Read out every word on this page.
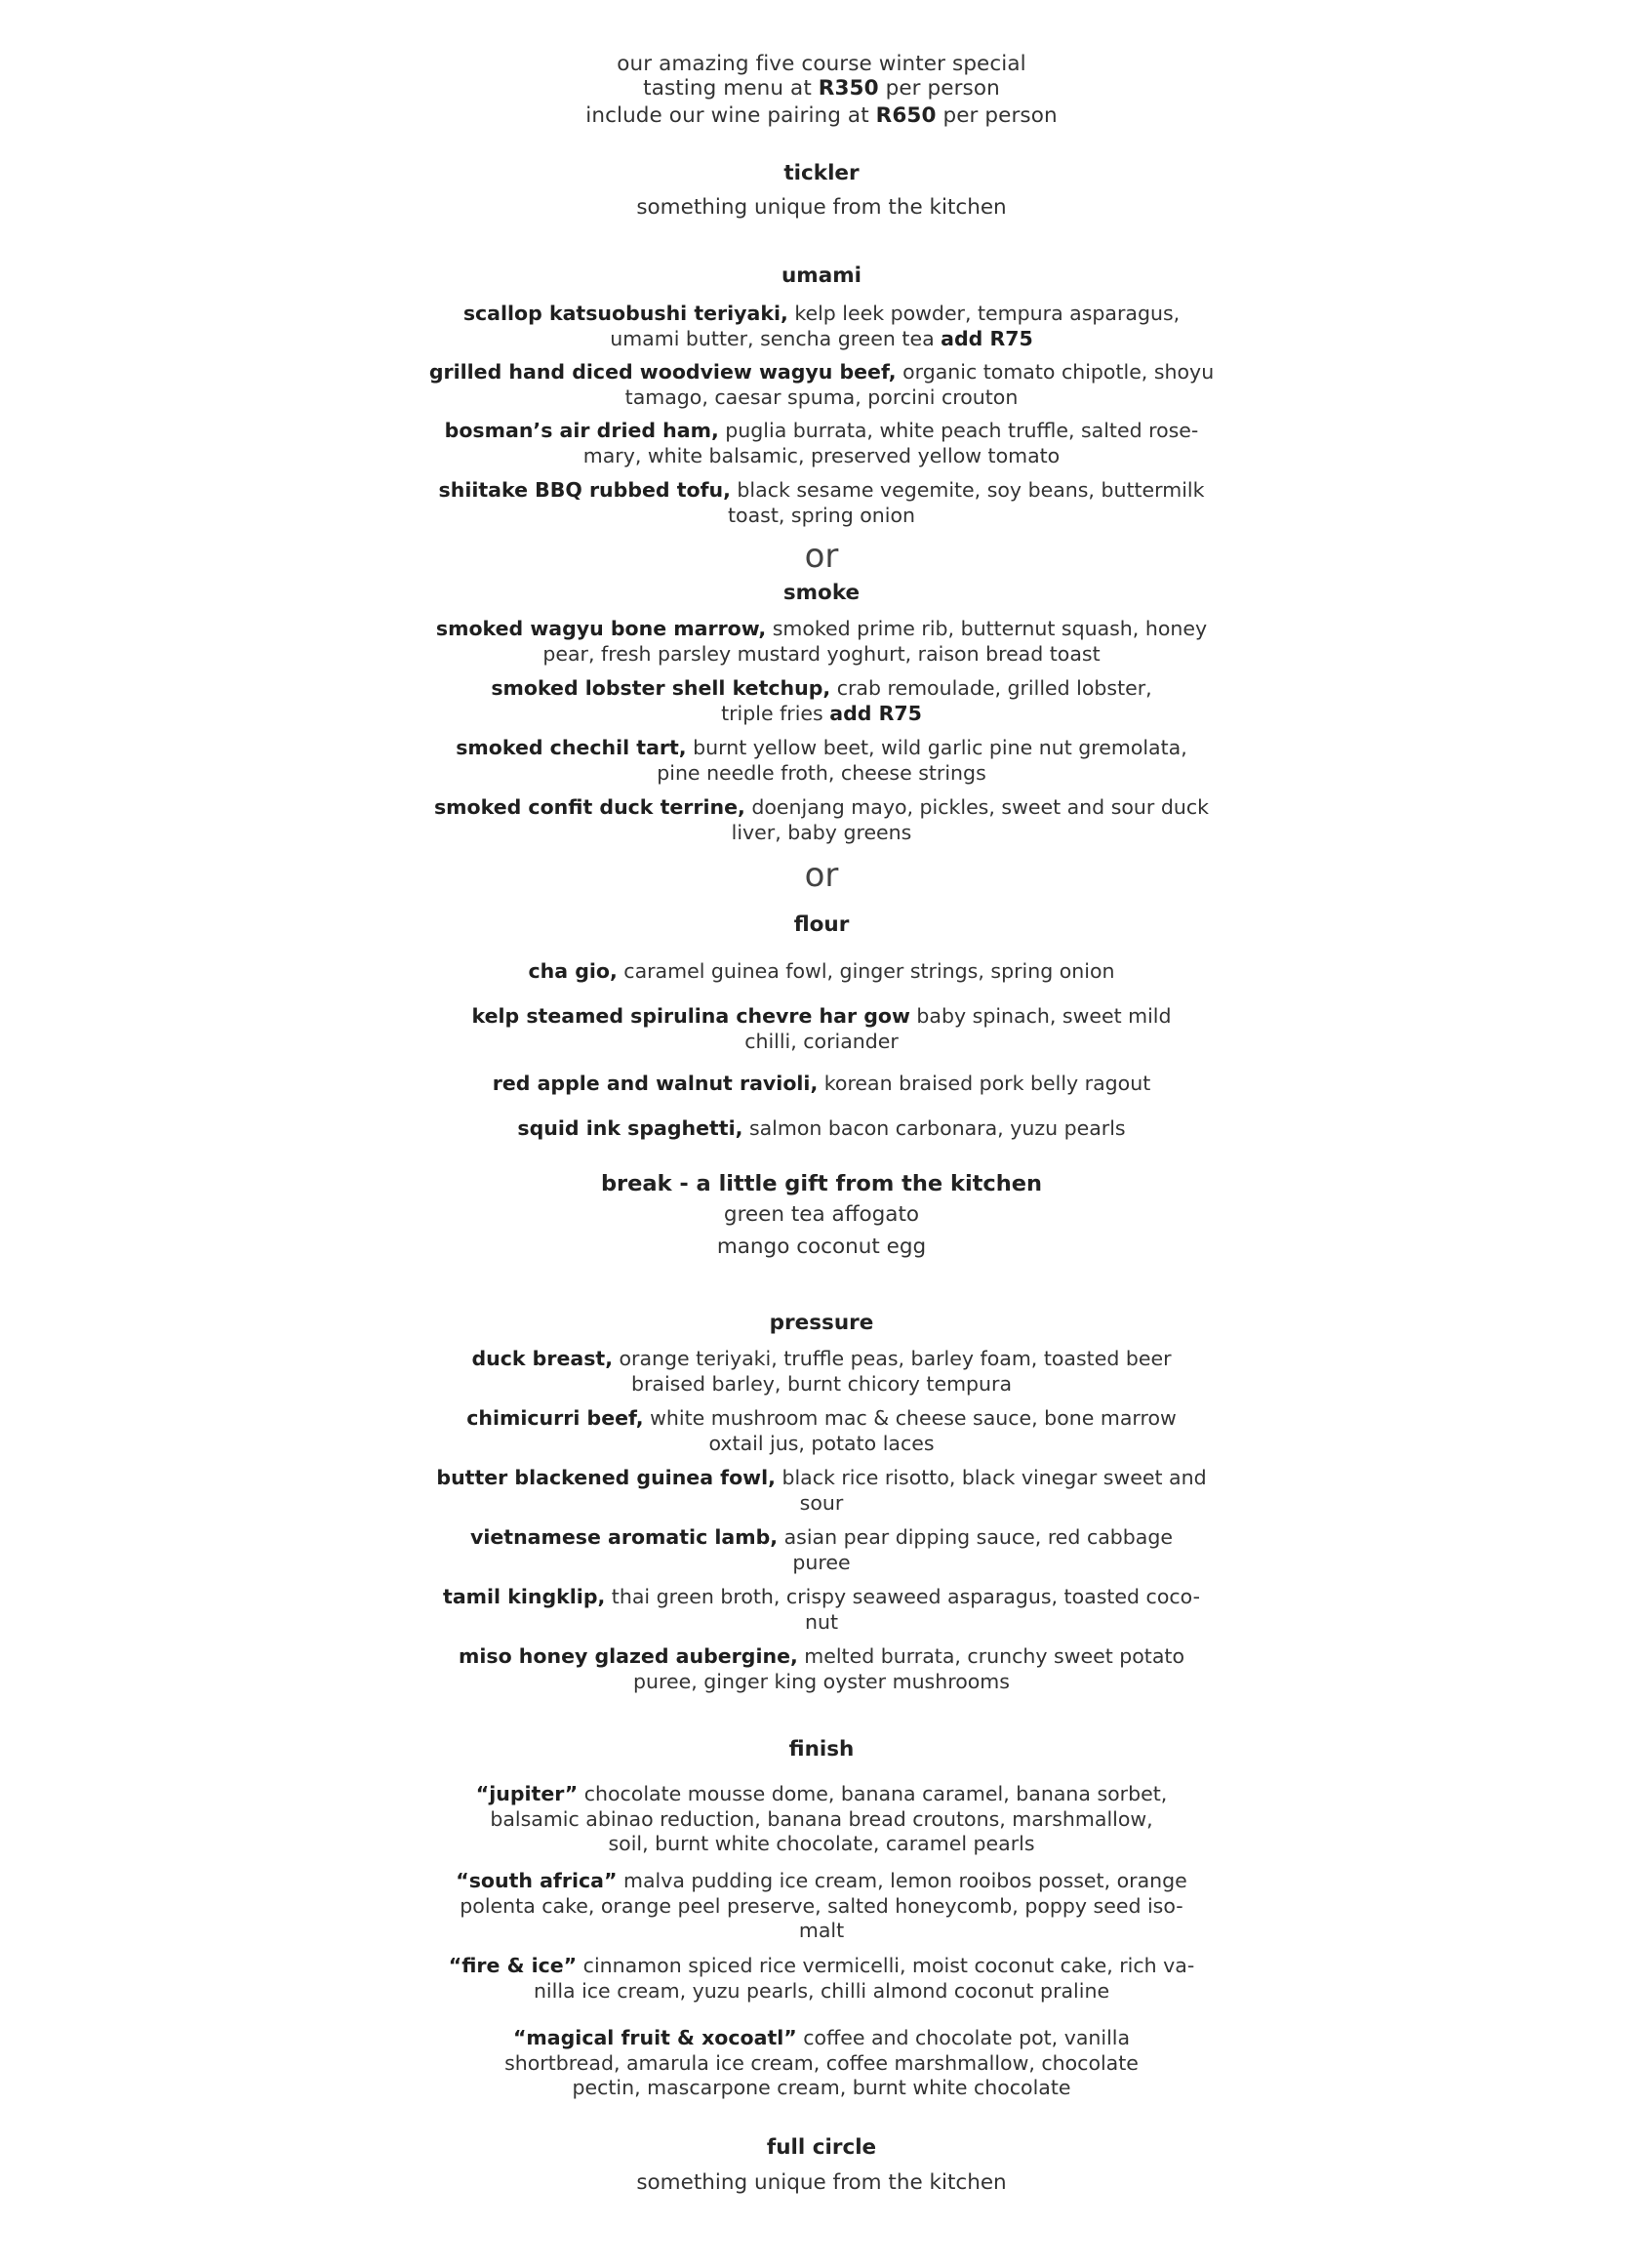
our amazing five course winter special

tasting menu at R350 per person

include our wine pairing at R650 per person

tickler

something unique from the kitchen

umami

scallop katsuobushi teriyaki, kelp leek powder, tempura asparagus,

umami butter, sencha green tea add R75

grilled hand diced woodview wagyu beef, organic tomato chipotle, shoyu

tamago, caesar spuma, porcini crouton

bosman’s air dried ham, puglia burrata, white peach truffle, salted rose-

mary, white balsamic, preserved yellow tomato

shiitake BBQ rubbed tofu, black sesame vegemite, soy beans, buttermilk

toast, spring onion

or

smoke

smoked wagyu bone marrow, smoked prime rib, butternut squash, honey

pear, fresh parsley mustard yoghurt, raison bread toast

smoked lobster shell ketchup, crab remoulade, grilled lobster,

triple fries add R75

smoked chechil tart, burnt yellow beet, wild garlic pine nut gremolata,

pine needle froth, cheese strings

smoked confit duck terrine, doenjang mayo, pickles, sweet and sour duck

liver, baby greens

or

flour

cha gio, caramel guinea fowl, ginger strings, spring onion

kelp steamed spirulina chevre har gow baby spinach, sweet mild

chilli, coriander

red apple and walnut ravioli, korean braised pork belly ragout

squid ink spaghetti, salmon bacon carbonara, yuzu pearls

break - a little gift from the kitchen

green tea affogato

mango coconut egg

pressure

duck breast, orange teriyaki, truffle peas, barley foam, toasted beer

braised barley, burnt chicory tempura

chimicurri beef, white mushroom mac & cheese sauce, bone marrow

oxtail jus, potato laces

butter blackened guinea fowl, black rice risotto, black vinegar sweet and

sour

vietnamese aromatic lamb, asian pear dipping sauce, red cabbage

puree

tamil kingklip, thai green broth, crispy seaweed asparagus, toasted coco-

nut

miso honey glazed aubergine, melted burrata, crunchy sweet potato

puree, ginger king oyster mushrooms

finish

“jupiter” chocolate mousse dome, banana caramel, banana sorbet,

balsamic abinao reduction, banana bread croutons, marshmallow,

soil, burnt white chocolate, caramel pearls

“south africa” malva pudding ice cream, lemon rooibos posset, orange

polenta cake, orange peel preserve, salted honeycomb, poppy seed iso-

malt

“fire & ice” cinnamon spiced rice vermicelli, moist coconut cake, rich va-

nilla ice cream, yuzu pearls, chilli almond coconut praline

“magical fruit & xocoatl” coffee and chocolate pot, vanilla

shortbread, amarula ice cream, coffee marshmallow, chocolate

pectin, mascarpone cream, burnt white chocolate

full circle

something unique from the kitchen
